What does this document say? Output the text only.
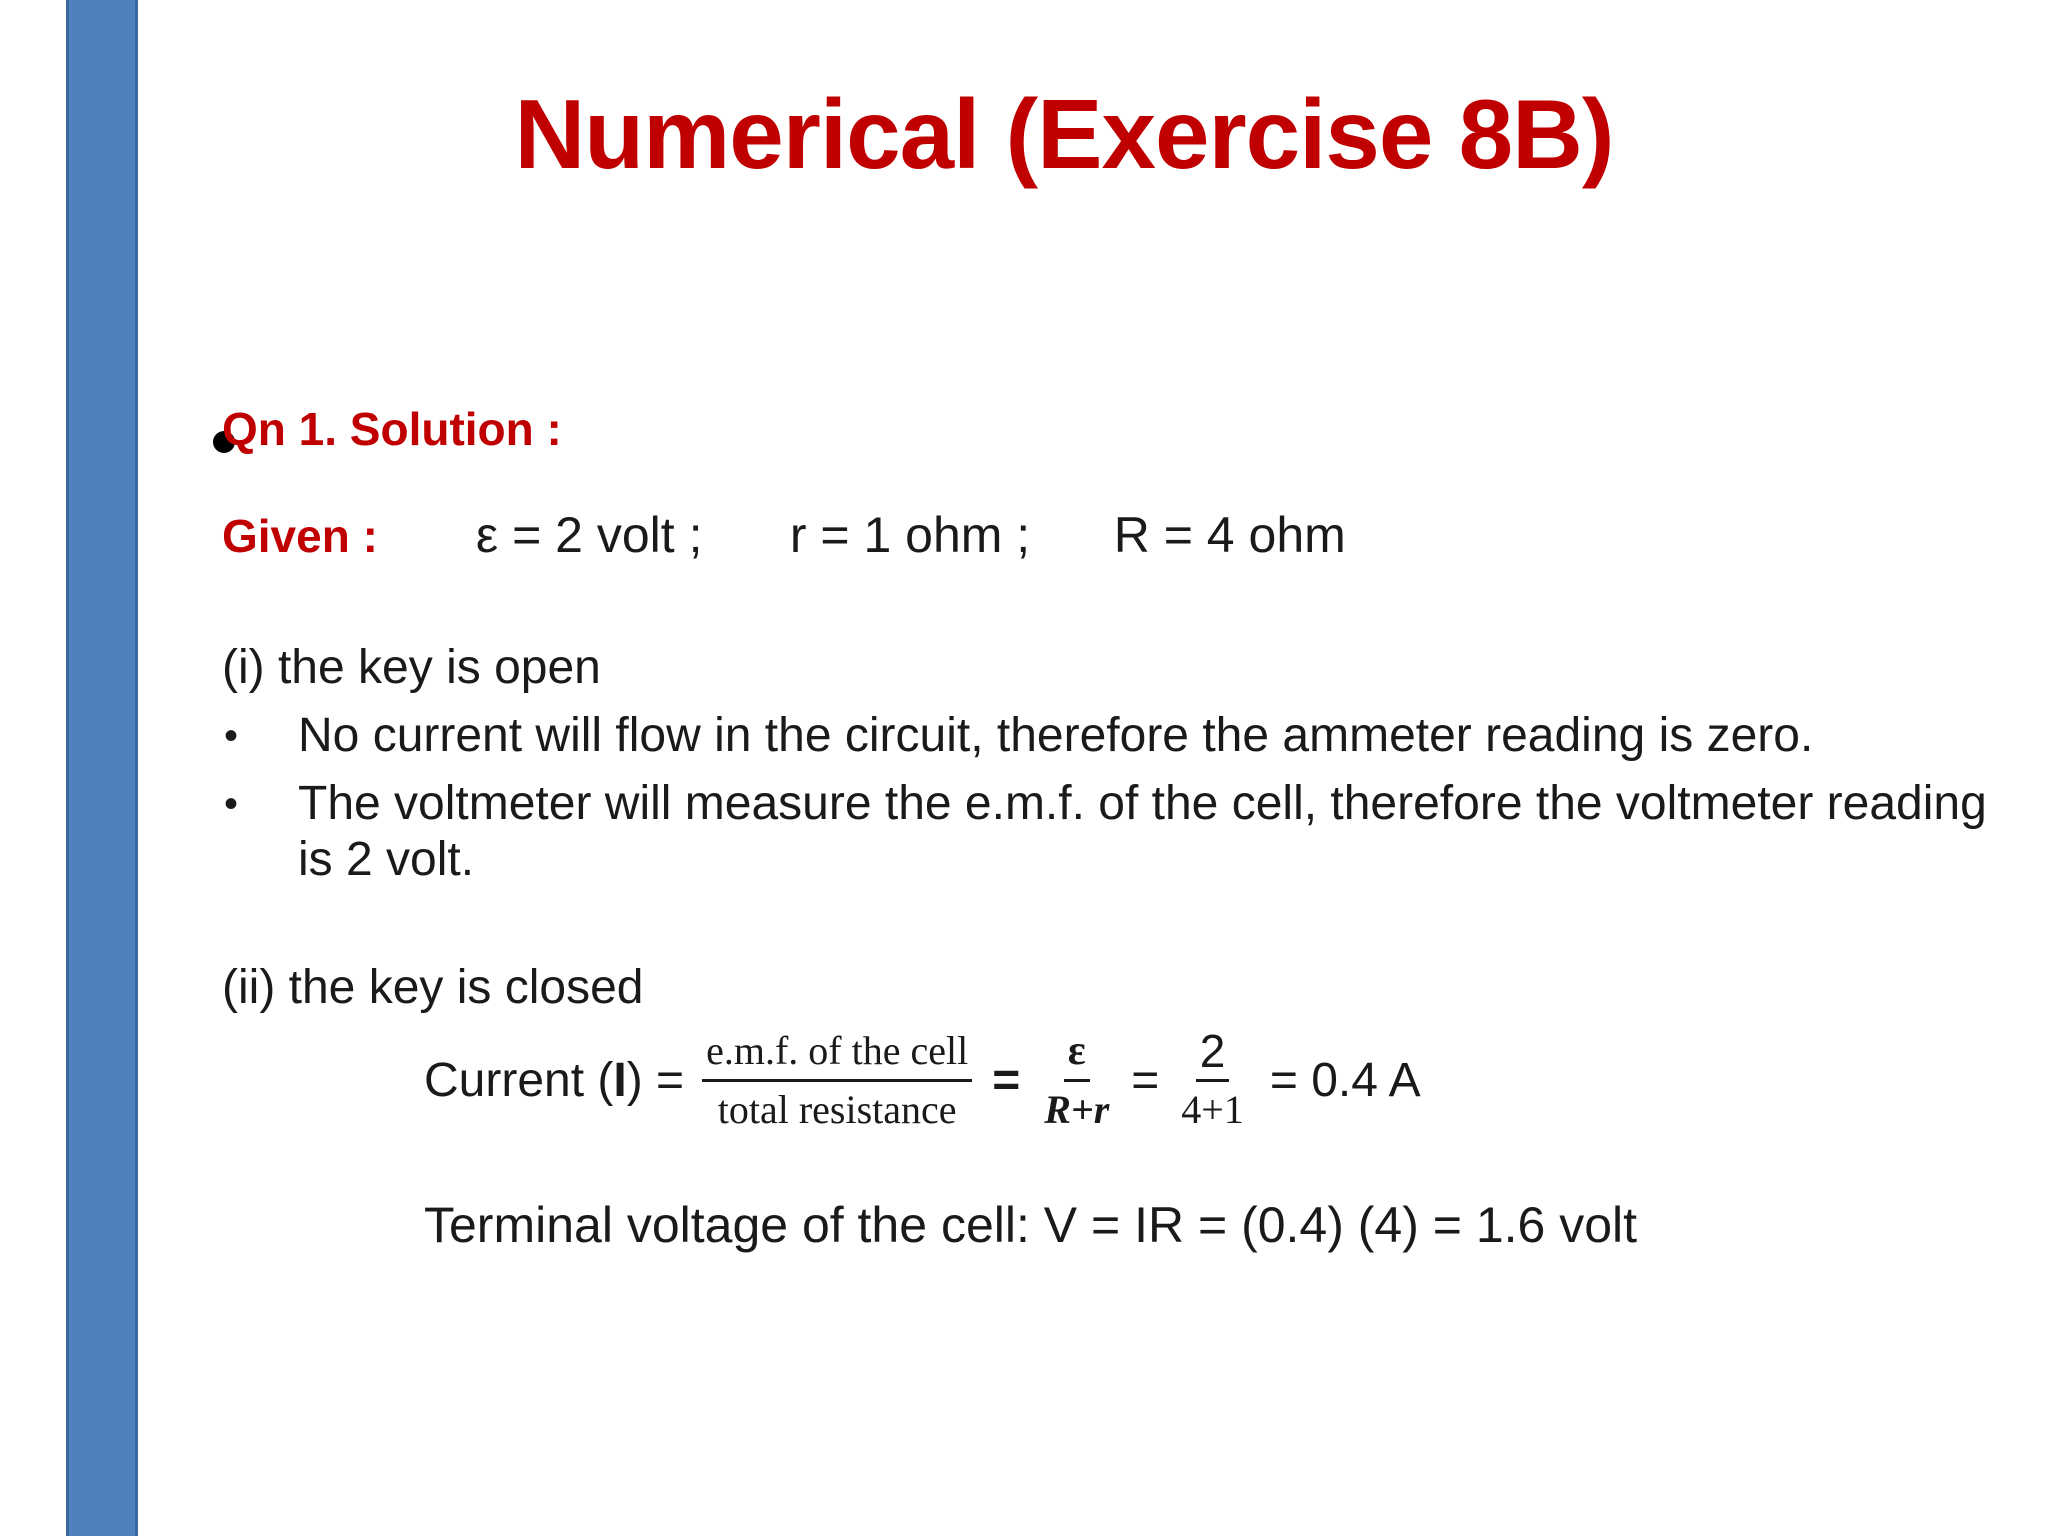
Numerical (Exercise 8B)
Qn 1. Solution :
Given : ε = 2 volt ; r = 1 ohm ; R = 4 ohm
(i) the key is open
• No current will flow in the circuit, therefore the ammeter reading is zero.
• The voltmeter will measure the e.m.f. of the cell, therefore the voltmeter reading is 2 volt.
(ii) the key is closed
Current $(I) = \frac{\text{e.m.f. of the cell}}{\text{total resistance}} = \frac{\varepsilon}{R+r} = \frac{2}{4+1} = 0.4$ A
Terminal voltage of the cell: V = IR = (0.4) (4) = 1.6 volt
